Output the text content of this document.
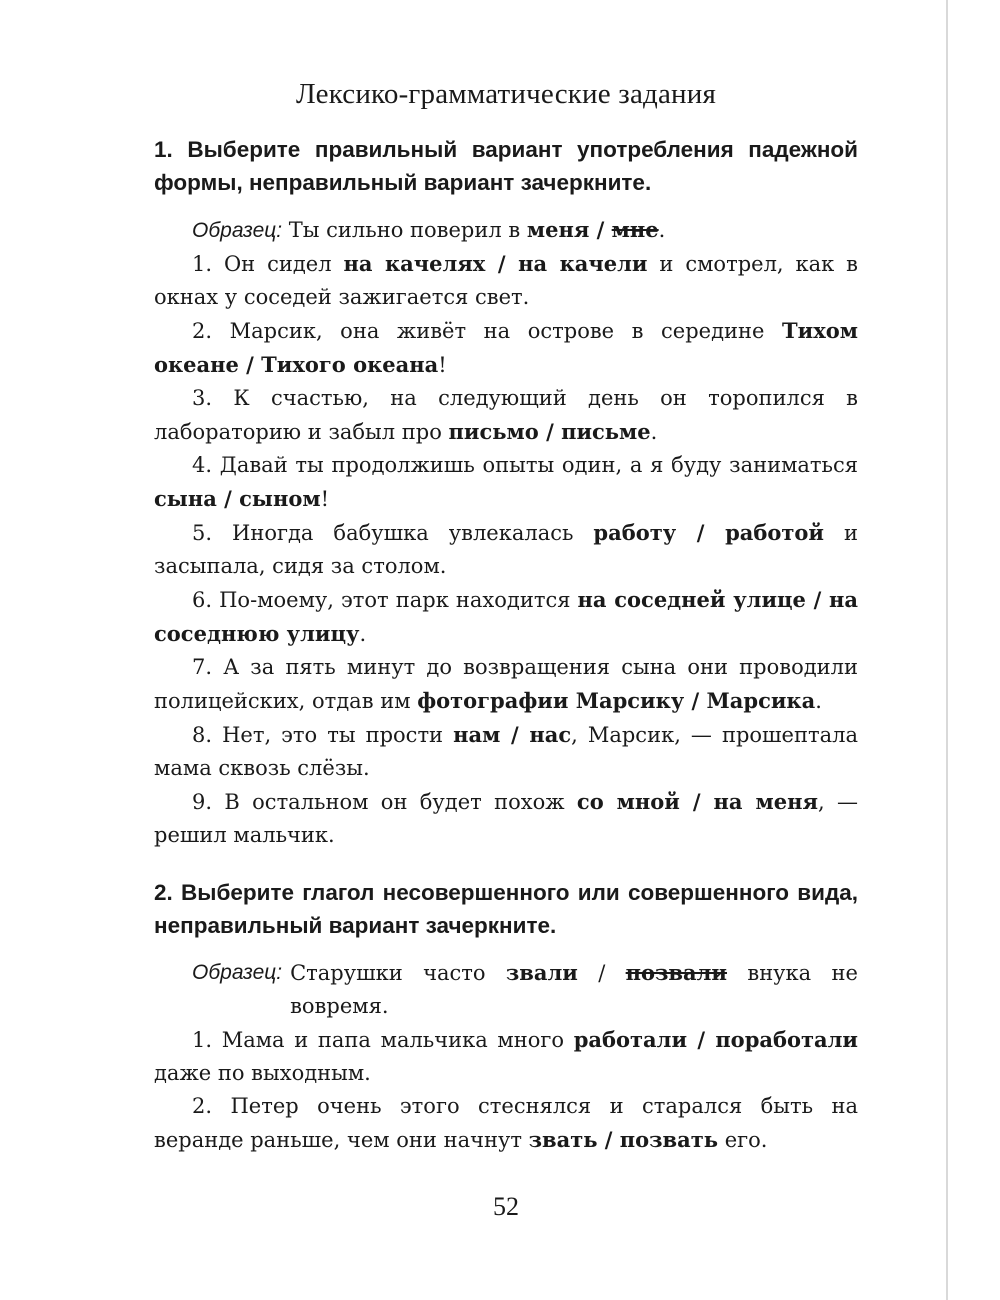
Лексико-грамматические задания
1. Выберите правильный вариант употребления падежной формы, неправильный вариант зачеркните.
Образец: Ты сильно поверил в меня / мне.

1. Он сидел на качелях / на качели и смотрел, как в окнах у соседей зажигается свет.

2. Марсик, она живёт на острове в середине Тихом океане / Тихого океана!

3. К счастью, на следующий день он торопился в лабораторию и забыл про письмо / письме.

4. Давай ты продолжишь опыты один, а я буду заниматься сына / сыном!

5. Иногда бабушка увлекалась работу / работой и засыпала, сидя за столом.

6. По-моему, этот парк находится на соседней улице / на соседнюю улицу.

7. А за пять минут до возвращения сына они проводили полицейских, отдав им фотографии Марсику / Марсика.

8. Нет, это ты прости нам / нас, Марсик, — прошептала мама сквозь слёзы.

9. В остальном он будет похож со мной / на меня, — решил мальчик.

2. Выберите глагол несовершенного или совершенного вида, неправильный вариант зачеркните.
Образец: Старушки часто звали / позвали внука не вовремя.

1. Мама и папа мальчика много работали / поработали даже по выходным.

2. Петер очень этого стеснялся и старался быть на веранде раньше, чем они начнут звать / позвать его.

52
